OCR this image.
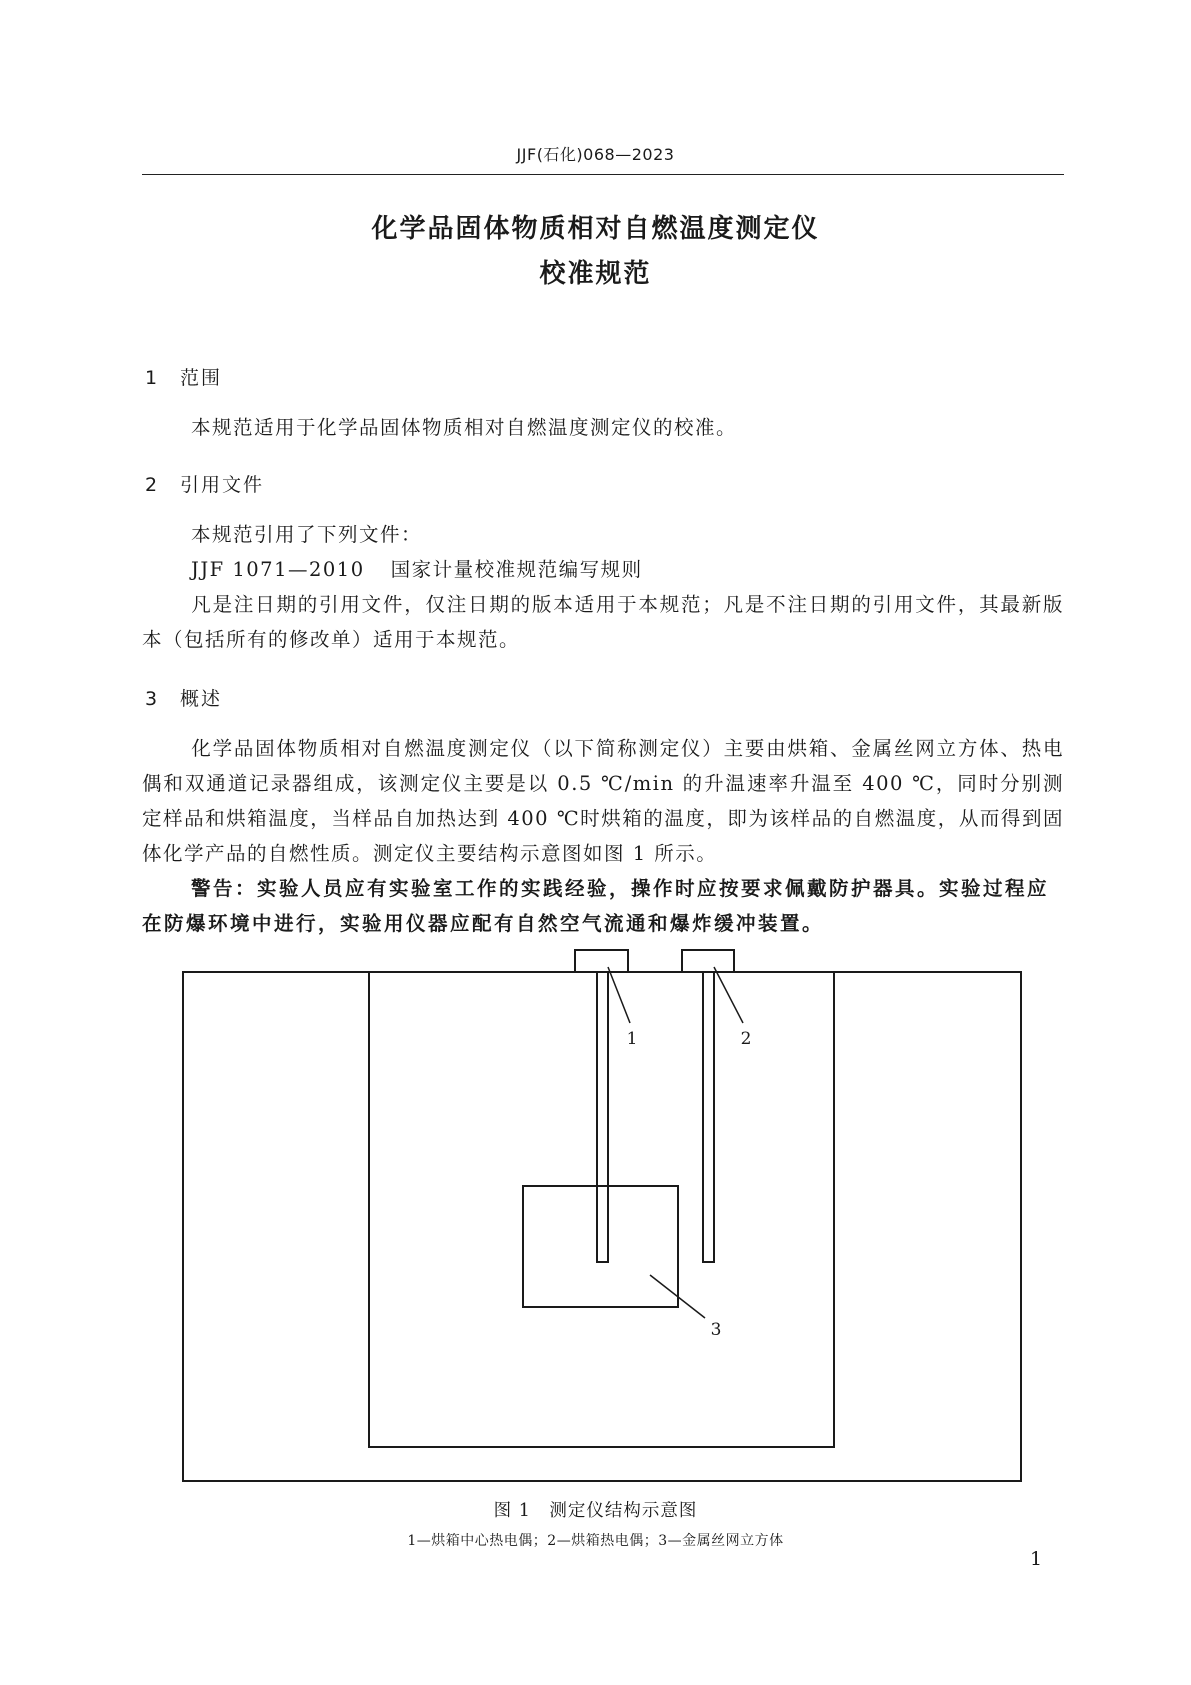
JJF(石化)068—2023
化学品固体物质相对自燃温度测定仪
校准规范
1 范围
本规范适用于化学品固体物质相对自燃温度测定仪的校准。
2 引用文件
本规范引用了下列文件：
JJF 1071—2010 国家计量校准规范编写规则
凡是注日期的引用文件，仅注日期的版本适用于本规范；凡是不注日期的引用文件，其最新版本（包括所有的修改单）适用于本规范。
3 概述
化学品固体物质相对自燃温度测定仪（以下简称测定仪）主要由烘箱、金属丝网立方体、热电偶和双通道记录器组成，该测定仪主要是以 0.5 ℃/min 的升温速率升温至 400 ℃，同时分别测定样品和烘箱温度，当样品自加热达到 400 ℃时烘箱的温度，即为该样品的自燃温度，从而得到固体化学产品的自燃性质。测定仪主要结构示意图如图 1 所示。
警告：实验人员应有实验室工作的实践经验，操作时应按要求佩戴防护器具。实验过程应在防爆环境中进行，实验用仪器应配有自然空气流通和爆炸缓冲装置。
1	2
3
图 1　测定仪结构示意图
1—烘箱中心热电偶；2—烘箱热电偶；3—金属丝网立方体
1
